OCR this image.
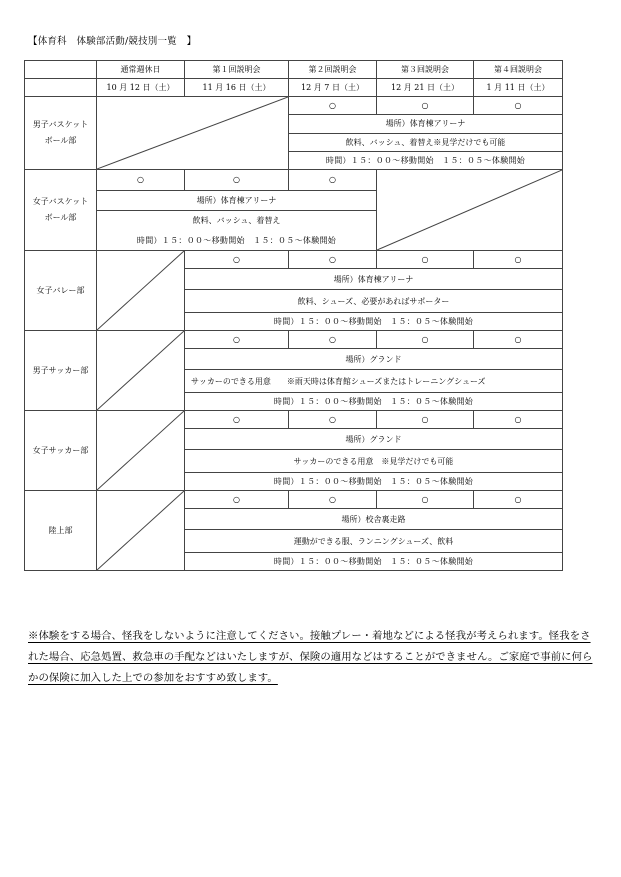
【体育科　体験部活動/競技別一覧　】
	通常週休日	第１回説明会	第２回説明会	第３回説明会	第４回説明会
	10 月 12 日（土）	11 月 16 日（土）	12 月 7 日（土）	12 月 21 日（土）	1 月 11 日（土）
男子バスケット
ボール部			○	○	○
			場所）体育棟アリーナ		
			飲料、バッシュ、着替え※見学だけでも可能		
			時間）１５：００～移動開始　１５：０５～体験開始		
女子バスケット
ボール部	○	○	○	

	場所）体育棟アリーナ				
	飲料、バッシュ、着替え				
	時間）１５：００～移動開始　１５：０５～体験開始				
女子バレー部		○	○	○	○
		場所）体育棟アリーナ			
		飲料、シューズ、必要があればサポーター			
		時間）１５：００～移動開始　１５：０５～体験開始			
男子サッカー部		○	○	○	○
		場所）グランド			
		サッカーのできる用意　　※雨天時は体育館シューズまたはトレーニングシューズ			
		時間）１５：００～移動開始　１５：０５～体験開始			
女子サッカー部		○	○	○	○
		場所）グランド			
		サッカーのできる用意　※見学だけでも可能			
		時間）１５：００～移動開始　１５：０５～体験開始			
陸上部		○	○	○	○
		場所）校舎裏走路			
		運動ができる服、ランニングシューズ、飲料			
		時間）１５：００～移動開始　１５：０５～体験開始			
※体験をする場合、怪我をしないように注意してください。接触プレー・着地などによる怪我が考えられます。怪我をされた場合、応急処置、救急車の手配などはいたしますが、保険の適用などはすることができません。ご家庭で事前に何らかの保険に加入した上での参加をおすすめ致します。
